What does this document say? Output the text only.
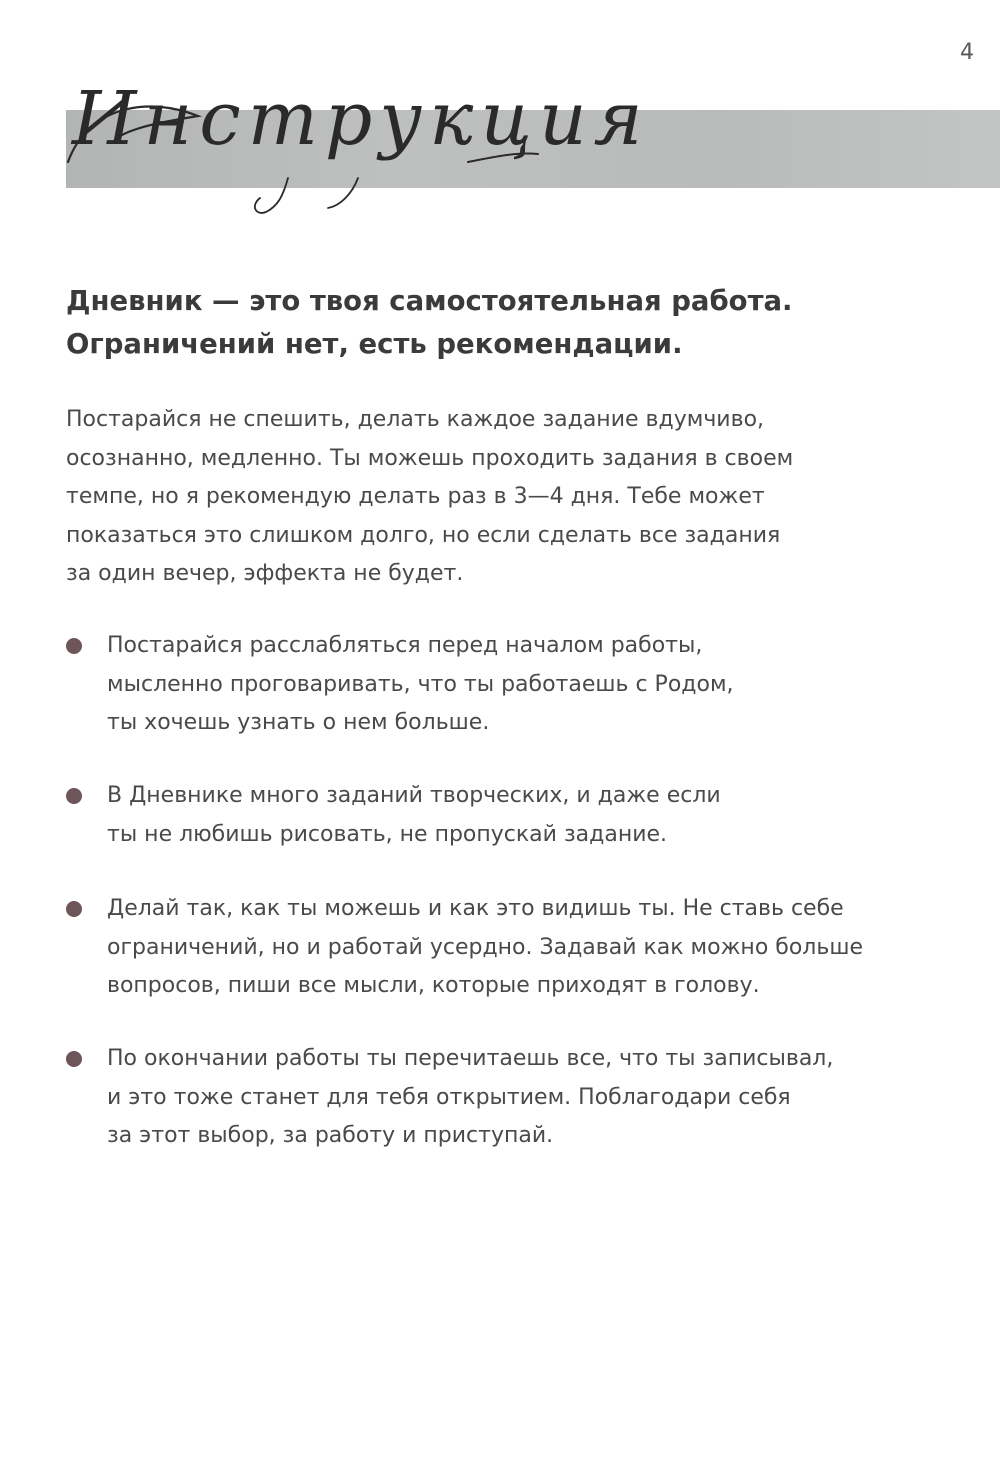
4
Инструкция
Дневник — это твоя самостоятельная работа.
Ограничений нет, есть рекомендации.
Постарайся не спешить, делать каждое задание вдумчиво,
осознанно, медленно. Ты можешь проходить задания в своем
темпе, но я рекомендую делать раз в 3—4 дня. Тебе может
показаться это слишком долго, но если сделать все задания
за один вечер, эффекта не будет.
Постарайся расслабляться перед началом работы,
мысленно проговаривать, что ты работаешь с Родом,
ты хочешь узнать о нем больше.
В Дневнике много заданий творческих, и даже если
ты не любишь рисовать, не пропускай задание.
Делай так, как ты можешь и как это видишь ты. Не ставь себе
ограничений, но и работай усердно. Задавай как можно больше
вопросов, пиши все мысли, которые приходят в голову.
По окончании работы ты перечитаешь все, что ты записывал,
и это тоже станет для тебя открытием. Поблагодари себя
за этот выбор, за работу и приступай.
